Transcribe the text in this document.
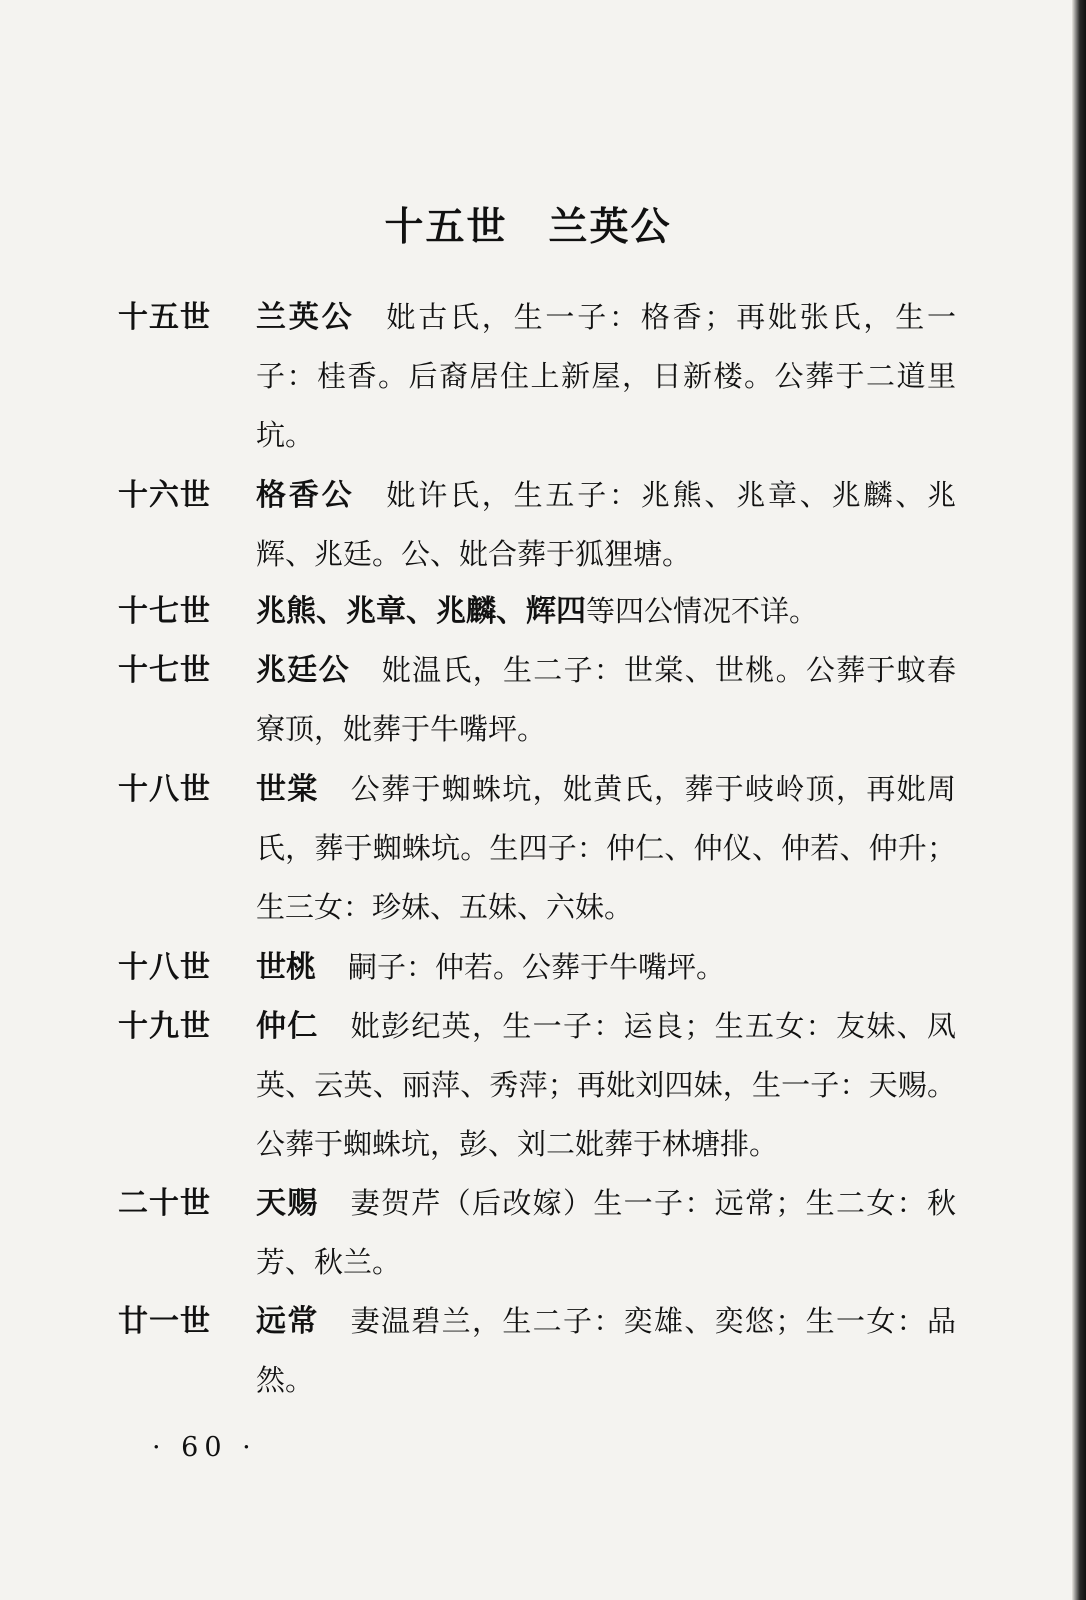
十五世　兰英公
十五世 兰英公 妣古氏，生一子：格香；再妣张氏，生一子：桂香。后裔居住上新屋，日新楼。公葬于二道里坑。
十六世 格香公 妣许氏，生五子：兆熊、兆章、兆麟、兆辉、兆廷。公、妣合葬于狐狸塘。
十七世 兆熊、兆章、兆麟、辉四等四公情况不详。
十七世 兆廷公 妣温氏，生二子：世棠、世桃。公葬于蚊春寮顶，妣葬于牛嘴坪。
十八世 世棠 公葬于蜘蛛坑，妣黄氏，葬于岐岭顶，再妣周氏，葬于蜘蛛坑。生四子：仲仁、仲仪、仲若、仲升；生三女：珍妹、五妹、六妹。
十八世 世桃 嗣子：仲若。公葬于牛嘴坪。
十九世 仲仁 妣彭纪英，生一子：运良；生五女：友妹、凤英、云英、丽萍、秀萍；再妣刘四妹，生一子：天赐。公葬于蜘蛛坑，彭、刘二妣葬于林塘排。
二十世 天赐 妻贺芹（后改嫁）生一子：远常；生二女：秋芳、秋兰。
廿一世 远常 妻温碧兰，生二子：奕雄、奕悠；生一女：品然。
· 60 ·
